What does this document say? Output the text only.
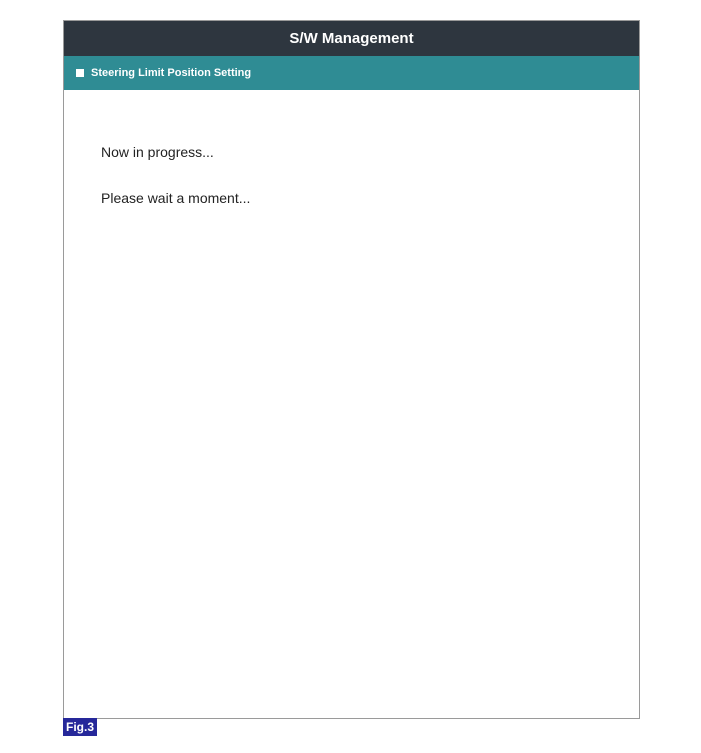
S/W Management
Steering Limit Position Setting

Now in progress...

Please wait a moment...

Fig.3
